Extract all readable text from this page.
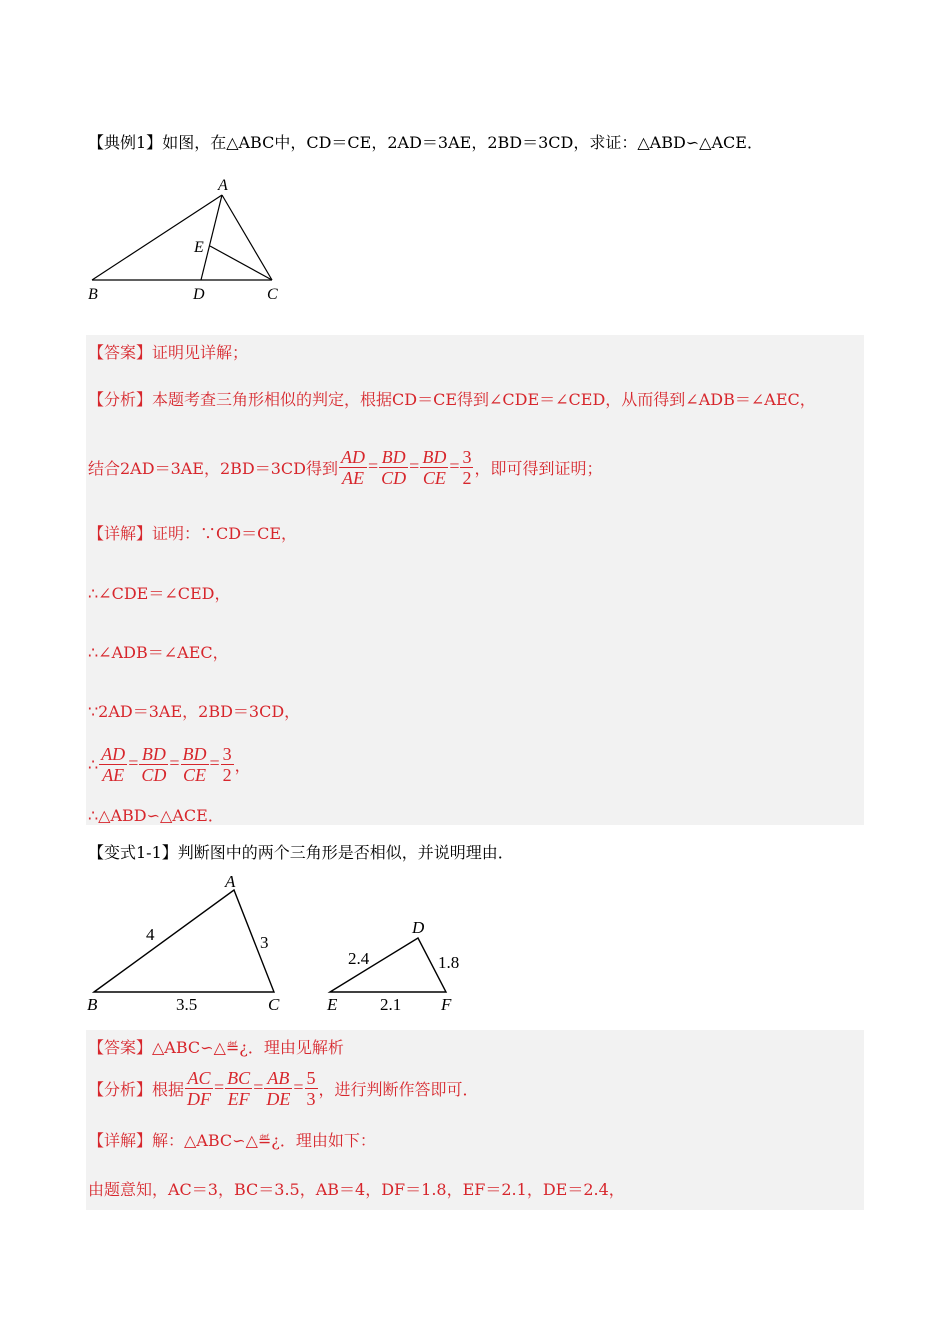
【典例1】如图，在△ABC中，CD＝CE，2AD＝3AE，2BD＝3CD，求证：△ABD∽△ACE．
A
B	D	C
E
【答案】证明见详解；
【分析】本题考查三角形相似的判定，根据CD＝CE得到∠CDE＝∠CED，从而得到∠ADB＝∠AEC，
结合2AD＝3AE，2BD＝3CD得到 $\frac{AD}{AE} = \frac{BD}{CD} = \frac{BD}{CE} = \frac{3}{2}$ ，即可得到证明；
【详解】证明：∵CD＝CE，
∴∠CDE＝∠CED，
∴∠ADB＝∠AEC，
∵2AD＝3AE，2BD＝3CD，
∴ $\frac{AD}{AE} = \frac{BD}{CD} = \frac{BD}{CE} = \frac{3}{2}$ ，
∴△ABD∽△ACE．
【变式1-1】判断图中的两个三角形是否相似，并说明理由．
A
B	C
4	3
3.5
D
E	F
2.4	1.8
2.1
【答案】△ABC∽△≝¿．理由见解析
【分析】根据 $\frac{AC}{DF} = \frac{BC}{EF} = \frac{AB}{DE} = \frac{5}{3}$ ，进行判断作答即可．
【详解】解：△ABC∽△≝¿．理由如下：
由题意知，AC＝3，BC＝3.5，AB＝4，DF＝1.8，EF＝2.1，DE＝2.4，
